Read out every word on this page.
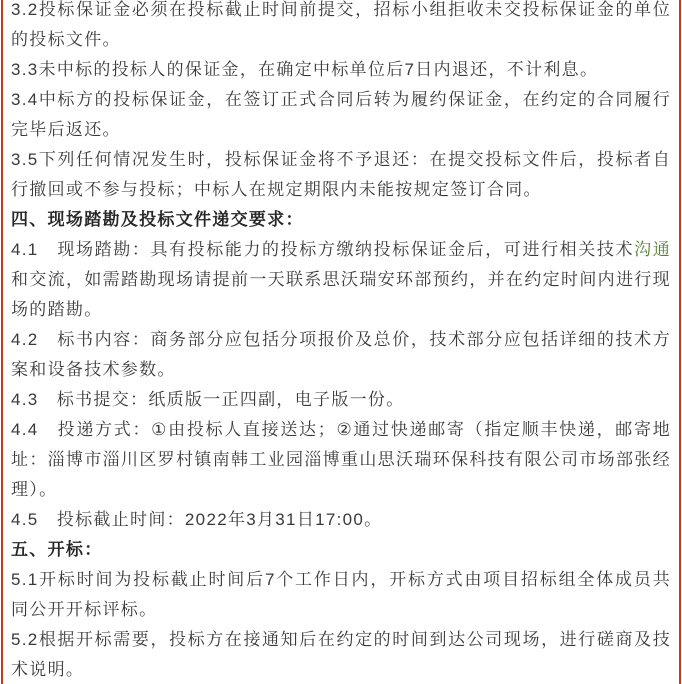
3.2投标保证金必须在投标截止时间前提交，招标小组拒收未交投标保证金的单位的投标文件。

3.3未中标的投标人的保证金，在确定中标单位后7日内退还，不计利息。

3.4中标方的投标保证金，在签订正式合同后转为履约保证金，在约定的合同履行完毕后返还。

3.5下列任何情况发生时，投标保证金将不予退还：在提交投标文件后，投标者自行撤回或不参与投标；中标人在规定期限内未能按规定签订合同。

四、现场踏勘及投标文件递交要求：

4.1　现场踏勘：具有投标能力的投标方缴纳投标保证金后，可进行相关技术沟通和交流，如需踏勘现场请提前一天联系思沃瑞安环部预约，并在约定时间内进行现场的踏勘。

4.2　标书内容：商务部分应包括分项报价及总价，技术部分应包括详细的技术方案和设备技术参数。

4.3　标书提交：纸质版一正四副，电子版一份。

4.4　投递方式：①由投标人直接送达；②通过快递邮寄（指定顺丰快递，邮寄地址：淄博市淄川区罗村镇南韩工业园淄博重山思沃瑞环保科技有限公司市场部张经理）。

4.5　投标截止时间：2022年3月31日17:00。

五、开标：

5.1开标时间为投标截止时间后7个工作日内，开标方式由项目招标组全体成员共同公开开标评标。

5.2根据开标需要，投标方在接通知后在约定的时间到达公司现场，进行磋商及技术说明。
